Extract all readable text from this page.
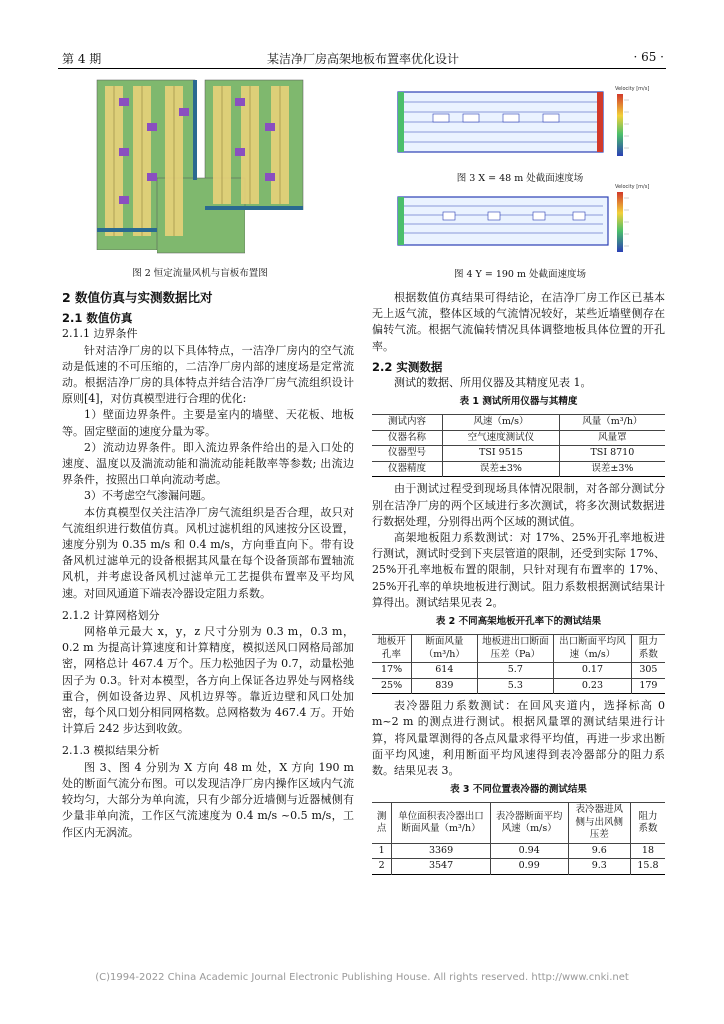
第 4 期	某洁净厂房高架地板布置率优化设计	· 65 ·
图 2 恒定流量风机与盲板布置图
Velocity [m/s]
图 3 X = 48 m 处截面速度场
Velocity [m/s]
图 4 Y = 190 m 处截面速度场
2 数值仿真与实测数据比对
2.1 数值仿真
2.1.1 边界条件

针对洁净厂房的以下具体特点，一洁净厂房内的空气流动是低速的不可压缩的，二洁净厂房内部的速度场是定常流动。根据洁净厂房的具体特点并结合洁净厂房气流组织设计原则[4]，对仿真模型进行合理的优化:

1）壁面边界条件。主要是室内的墙壁、天花板、地板等。固定壁面的速度分量为零。

2）流动边界条件。即入流边界条件给出的是入口处的速度、温度以及湍流动能和湍流动能耗散率等参数; 出流边界条件，按照出口单向流动考虑。

3）不考虑空气渗漏问题。

本仿真模型仅关注洁净厂房气流组织是否合理，故只对气流组织进行数值仿真。风机过滤机组的风速按分区设置，速度分别为 0.35 m/s 和 0.4 m/s，方向垂直向下。带有设备风机过滤单元的设备根据其风量在每个设备顶部布置轴流风机，并考虑设备风机过滤单元工艺提供布置率及平均风速。对回风通道下端表冷器设定阻力系数。

2.1.2 计算网格划分

网格单元最大 x，y，z 尺寸分别为 0.3 m，0.3 m，0.2 m 为提高计算速度和计算精度，模拟送风口网格局部加密，网格总计 467.4 万个。压力松弛因子为 0.7，动量松弛因子为 0.3。针对本模型，各方向上保证各边界处与网格线重合，例如设备边界、风机边界等。靠近边壁和风口处加密，每个风口划分相同网格数。总网格数为 467.4 万。开始计算后 242 步达到收敛。

2.1.3 模拟结果分析

图 3、图 4 分别为 X 方向 48 m 处，X 方向 190 m 处的断面气流分布图。可以发现洁净厂房内操作区域内气流较均匀，大部分为单向流，只有少部分近墙侧与近器械侧有少量非单向流，工作区气流速度为 0.4 m/s ~0.5 m/s，工作区内无涡流。

根据数值仿真结果可得结论，在洁净厂房工作区已基本无上返气流，整体区域的气流情况较好，某些近墙壁侧存在偏转气流。根据气流偏转情况具体调整地板具体位置的开孔率。

2.2 实测数据

测试的数据、所用仪器及其精度见表 1。

表 1 测试所用仪器与其精度
测试内容	风速（m/s）	风量（m³/h）
仪器名称	空气速度测试仪	风量罩
仪器型号	TSI 9515	TSI 8710
仪器精度	误差±3%	误差±3%

由于测试过程受到现场具体情况限制，对各部分测试分别在洁净厂房的两个区域进行多次测试，将多次测试数据进行数据处理，分别得出两个区域的测试值。

高架地板阻力系数测试：对 17%、25%开孔率地板进行测试，测试时受到下夹层管道的限制，还受到实际 17%、25%开孔率地板布置的限制，只针对现有布置率的 17%、25%开孔率的单块地板进行测试。阻力系数根据测试结果计算得出。测试结果见表 2。

表 2 不同高架地板开孔率下的测试结果
地板开孔率	断面风量（m³/h）	地板进出口断面压差（Pa）	出口断面平均风速（m/s）	阻力系数
17%	614	5.7	0.17	305
25%	839	5.3	0.23	179

表冷器阻力系数测试：在回风夹道内，选择标高 0 m~2 m 的测点进行测试。根据风量罩的测试结果进行计算，将风量罩测得的各点风量求得平均值，再进一步求出断面平均风速，利用断面平均风速得到表冷器部分的阻力系数。结果见表 3。

表 3 不同位置表冷器的测试结果
测点	单位面积表冷器出口断面风量（m³/h）	表冷器断面平均风速（m/s）	表冷器进风侧与出风侧压差	阻力系数
1	3369	0.94	9.6	18
2	3547	0.99	9.3	15.8
(C)1994-2022 China Academic Journal Electronic Publishing House. All rights reserved. http://www.cnki.net
